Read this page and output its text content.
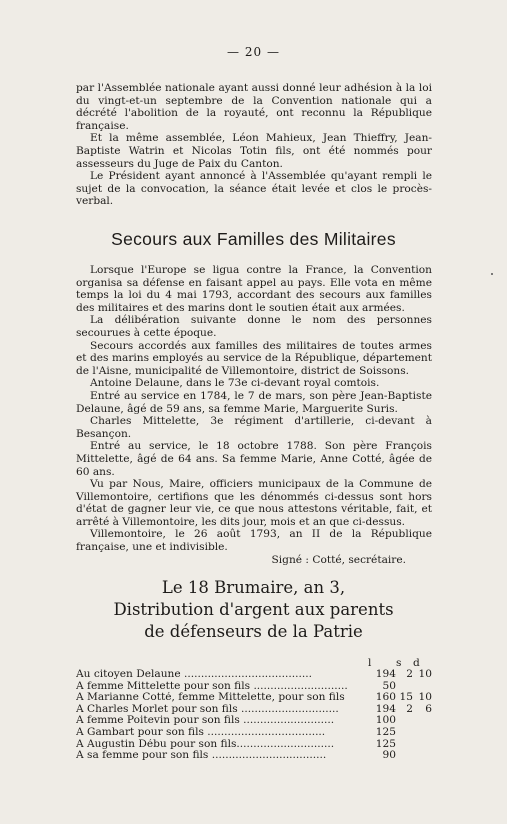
— 20 —

par l'Assemblée nationale ayant aussi donné leur adhésion à la loi du vingt-et-un septembre de la Convention nationale qui a décrété l'abolition de la royauté, ont reconnu la République française.

Et la même assemblée, Léon Mahieux, Jean Thieffry, Jean-Baptiste Watrin et Nicolas Totin fils, ont été nommés pour assesseurs du Juge de Paix du Canton.

Le Président ayant annoncé à l'Assemblée qu'ayant rempli le sujet de la convocation, la séance était levée et clos le procès-verbal.

Secours aux Familles des Militaires

Lorsque l'Europe se ligua contre la France, la Convention organisa sa défense en faisant appel au pays. Elle vota en même temps la loi du 4 mai 1793, accordant des secours aux familles des militaires et des marins dont le soutien était aux armées.

La délibération suivante donne le nom des personnes secourues à cette époque.

Secours accordés aux familles des militaires de toutes armes et des marins employés au service de la République, département de l'Aisne, municipalité de Villemontoire, district de Soissons.

Antoine Delaune, dans le 73e ci-devant royal comtois.

Entré au service en 1784, le 7 de mars, son père Jean-Baptiste Delaune, âgé de 59 ans, sa femme Marie, Marguerite Suris.

Charles Mittelette, 3e régiment d'artillerie, ci-devant à Besançon.

Entré au service, le 18 octobre 1788. Son père François Mittelette, âgé de 64 ans. Sa femme Marie, Anne Cotté, âgée de 60 ans.

Vu par Nous, Maire, officiers municipaux de la Commune de Villemontoire, certifions que les dénommés ci-dessus sont hors d'état de gagner leur vie, ce que nous attestons véritable, fait, et arrêté à Villemontoire, les dits jour, mois et an que ci-dessus.

Villemontoire, le 26 août 1793, an II de la République française, une et indivisible.

Signé : Cotté, secrétaire.

Le 18 Brumaire, an 3,
Distribution d'argent aux parents
de défenseurs de la Patrie
l	s	d
Au citoyen Delaune ......................................	194 2 10
A femme Mittelette pour son fils ............................	50
A Marianne Cotté, femme Mittelette, pour son fils	160 15 10
A Charles Morlet pour son fils .............................	194 2	6
A femme Poitevin pour son fils ...........................	100
A Gambart pour son fils ...................................	125
A Augustin Débu pour son fils.............................	125
A sa femme pour son fils ..................................	90
